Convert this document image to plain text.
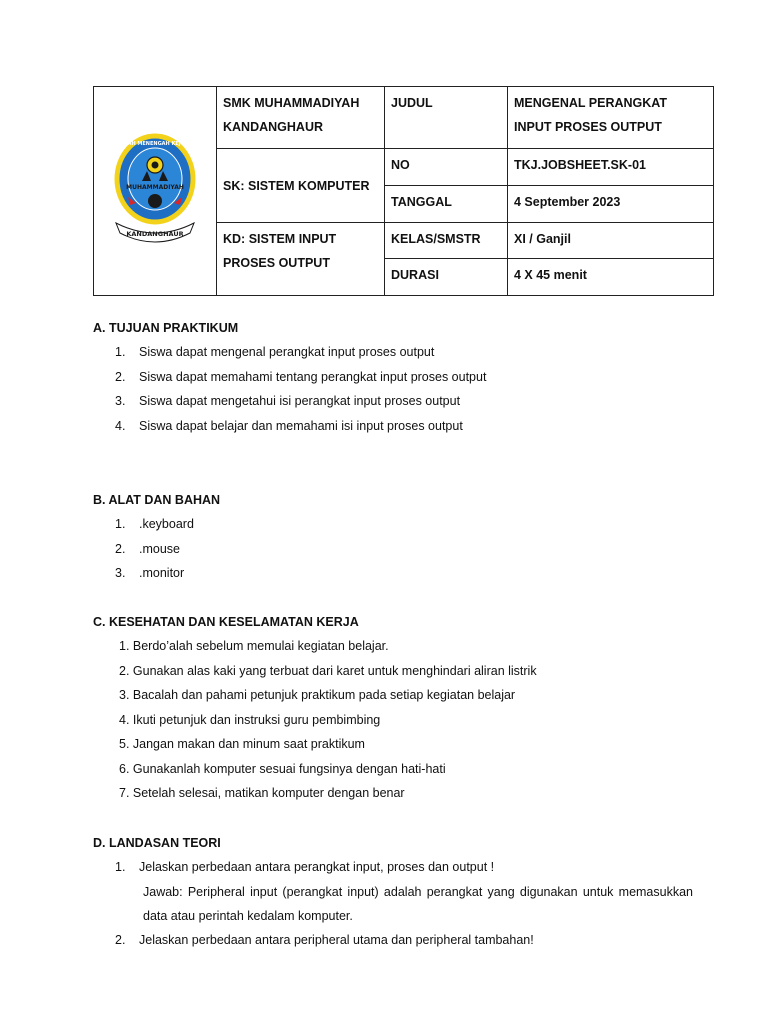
SEKOLAH MENENGAH KEJURUAN
MUHAMMADIYAH
KANDANGHAUR	SMK MUHAMMADIYAH KANDANGHAUR	JUDUL	MENGENAL PERANGKAT INPUT PROSES OUTPUT
	SK: SISTEM KOMPUTER	NO	TKJ.JOBSHEET.SK-01
		TANGGAL	4 September 2023
	KD: SISTEM INPUT PROSES OUTPUT	KELAS/SMSTR	XI / Ganjil
		DURASI	4 X 45 menit
A. TUJUAN PRAKTIKUM
1. Siswa dapat mengenal perangkat input proses output
2. Siswa dapat memahami tentang perangkat input proses output
3. Siswa dapat mengetahui isi perangkat input proses output
4. Siswa dapat belajar dan memahami isi input proses output
B. ALAT DAN BAHAN
1. .keyboard
2. .mouse
3. .monitor
C. KESEHATAN DAN KESELAMATAN KERJA
1. Berdo’alah sebelum memulai kegiatan belajar.
2. Gunakan alas kaki yang terbuat dari karet untuk menghindari aliran listrik
3. Bacalah dan pahami petunjuk praktikum pada setiap kegiatan belajar
4. Ikuti petunjuk dan instruksi guru pembimbing
5. Jangan makan dan minum saat praktikum
6. Gunakanlah komputer sesuai fungsinya dengan hati-hati
7. Setelah selesai, matikan komputer dengan benar
D. LANDASAN TEORI
1. Jelaskan perbedaan antara perangkat input, proses dan output !
Jawab: Peripheral input (perangkat input) adalah perangkat yang digunakan untuk memasukkan data atau perintah kedalam komputer.
2. Jelaskan perbedaan antara peripheral utama dan peripheral tambahan!
